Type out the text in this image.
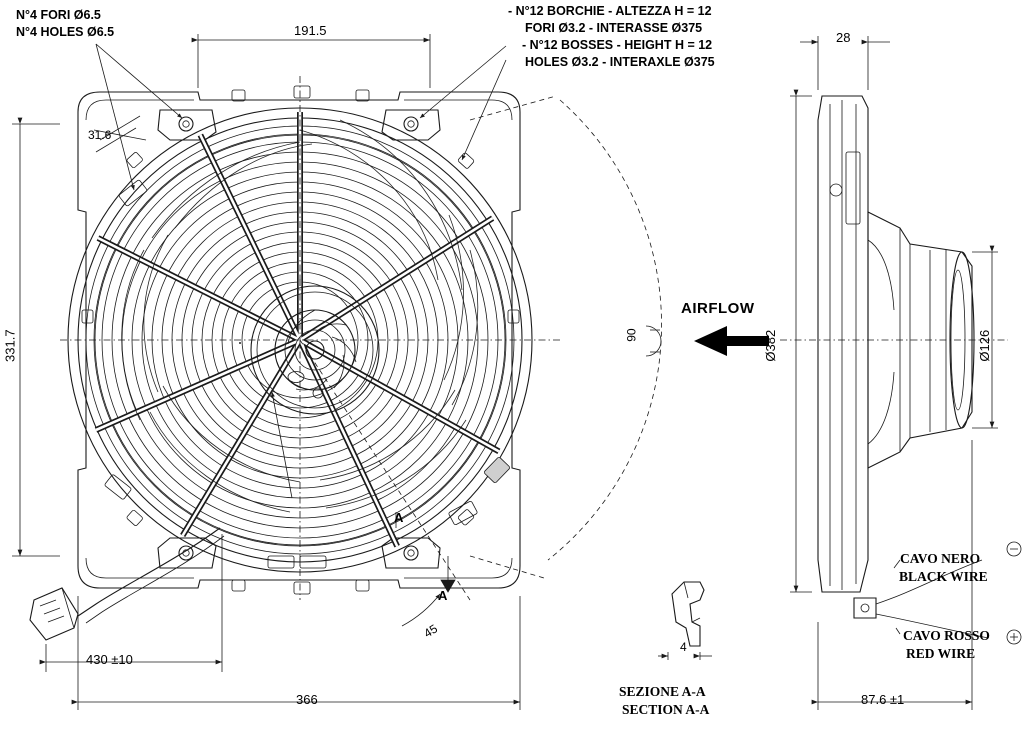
N°4 FORI Ø6.5
N°4 HOLES Ø6.5
- N°12 BORCHIE - ALTEZZA H = 12
FORI Ø3.2 - INTERASSE Ø375
- N°12 BOSSES - HEIGHT H = 12
HOLES Ø3.2 - INTERAXLE Ø375
191.5
31.6
331.7
366
430 ±10
90
45
A
A
AIRFLOW
28
Ø382	Ø126
87.6 ±1
CAVO NERO
BLACK WIRE
CAVO ROSSO
RED WIRE
4
SEZIONE A-A
SECTION A-A
